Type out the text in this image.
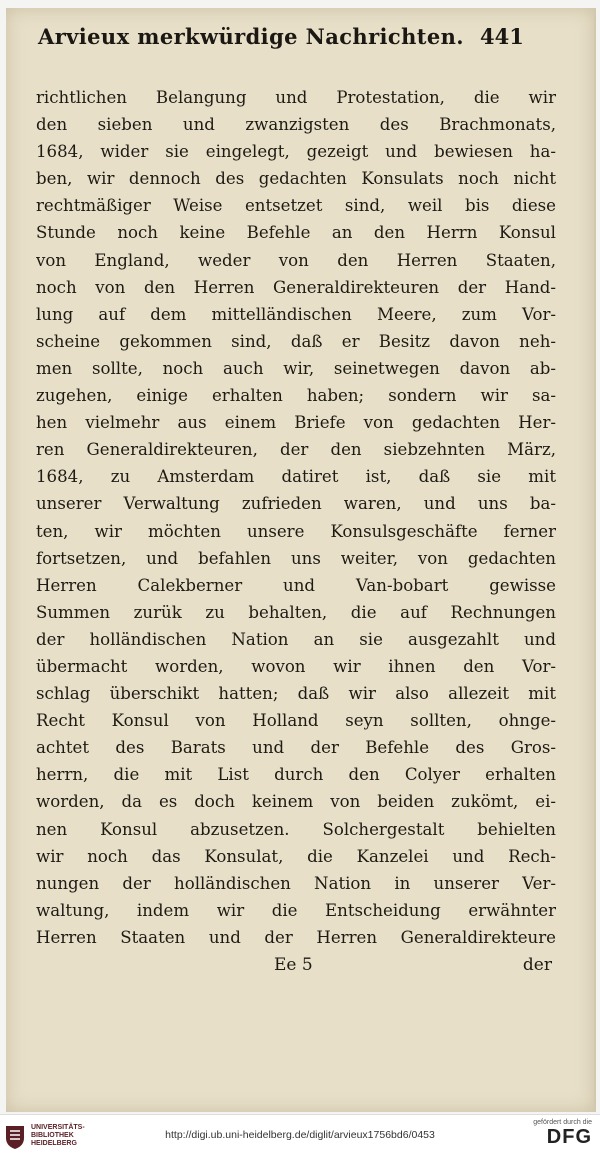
Arvieux merkwürdige Nachrichten. 441
richtlichen Belangung und Protestation, die wir
den sieben und zwanzigsten des Brachmonats,
1684, wider sie eingelegt, gezeigt und bewiesen ha-
ben, wir dennoch des gedachten Konsulats noch nicht
rechtmäßiger Weise entsetzet sind, weil bis diese
Stunde noch keine Befehle an den Herrn Konsul
von England, weder von den Herren Staaten,
noch von den Herren Generaldirekteuren der Hand-
lung auf dem mittelländischen Meere, zum Vor-
scheine gekommen sind, daß er Besitz davon neh-
men sollte, noch auch wir, seinetwegen davon ab-
zugehen, einige erhalten haben; sondern wir sa-
hen vielmehr aus einem Briefe von gedachten Her-
ren Generaldirekteuren, der den siebzehnten März,
1684, zu Amsterdam datiret ist, daß sie mit
unserer Verwaltung zufrieden waren, und uns ba-
ten, wir möchten unsere Konsulsgeschäfte ferner
fortsetzen, und befahlen uns weiter, von gedachten
Herren Calekberner und Van-bobart gewisse
Summen zurük zu behalten, die auf Rechnungen
der holländischen Nation an sie ausgezahlt und
übermacht worden, wovon wir ihnen den Vor-
schlag überschikt hatten; daß wir also allezeit mit
Recht Konsul von Holland seyn sollten, ohnge-
achtet des Barats und der Befehle des Gros-
herrn, die mit List durch den Colyer erhalten
worden, da es doch keinem von beiden zukömt, ei-
nen Konsul abzusetzen. Solchergestalt behielten
wir noch das Konsulat, die Kanzelei und Rech-
nungen der holländischen Nation in unserer Ver-
waltung, indem wir die Entscheidung erwähnter
Herren Staaten und der Herren Generaldirekteure
Ee 5	der
UNIVERSITÄTS-
BIBLIOTHEK
HEIDELBERG
http://digi.ub.uni-heidelberg.de/diglit/arvieux1756bd6/0453
gefördert durch die
DFG
